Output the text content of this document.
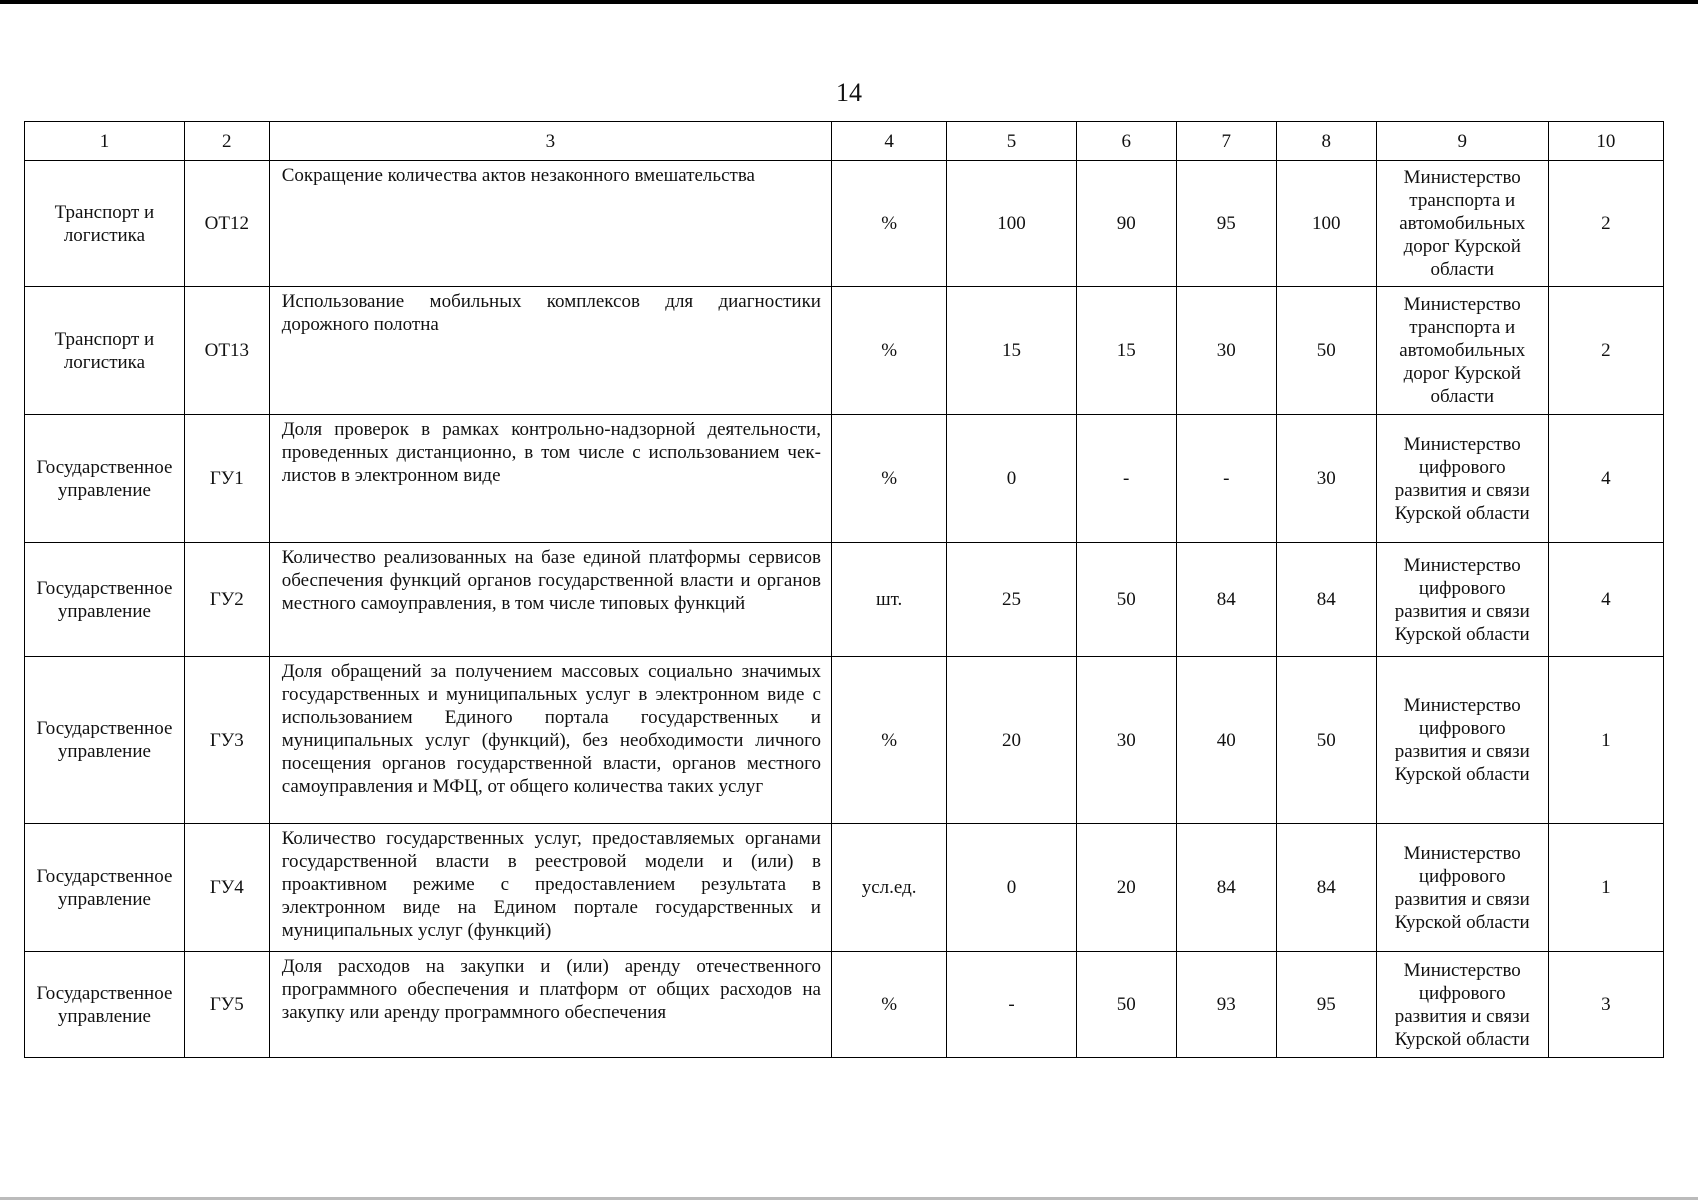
14
1	2	3	4	5	6	7	8	9	10
Транспорт и логистика	ОТ12	Сокращение количества актов незаконного вмешательства	%	100	90	95	100	Министерство транспорта и автомобильных дорог Курской области	2
Транспорт и логистика	ОТ13	Использование мобильных комплексов для диагностики дорожного полотна	%	15	15	30	50	Министерство транспорта и автомобильных дорог Курской области	2
Государственное управление	ГУ1	Доля проверок в рамках контрольно-надзорной деятельности, проведенных дистанционно, в том числе с использованием чек-листов в электронном виде	%	0	-	-	30	Министерство цифрового развития и связи Курской области	4
Государственное управление	ГУ2	Количество реализованных на базе единой платформы сервисов обеспечения функций органов государственной власти и органов местного самоуправления, в том числе типовых функций	шт.	25	50	84	84	Министерство цифрового развития и связи Курской области	4
Государственное управление	ГУ3	Доля обращений за получением массовых социально значимых государственных и муниципальных услуг в электронном виде с использованием Единого портала государственных и муниципальных услуг (функций), без необходимости личного посещения органов государственной власти, органов местного самоуправления и МФЦ, от общего количества таких услуг	%	20	30	40	50	Министерство цифрового развития и связи Курской области	1
Государственное управление	ГУ4	Количество государственных услуг, предоставляемых органами государственной власти в реестровой модели и (или) в проактивном режиме с предоставлением результата в электронном виде на Едином портале государственных и муниципальных услуг (функций)	усл.ед.	0	20	84	84	Министерство цифрового развития и связи Курской области	1
Государственное управление	ГУ5	Доля расходов на закупки и (или) аренду отечественного программного обеспечения и платформ от общих расходов на закупку или аренду программного обеспечения	%	-	50	93	95	Министерство цифрового развития и связи Курской области	3
